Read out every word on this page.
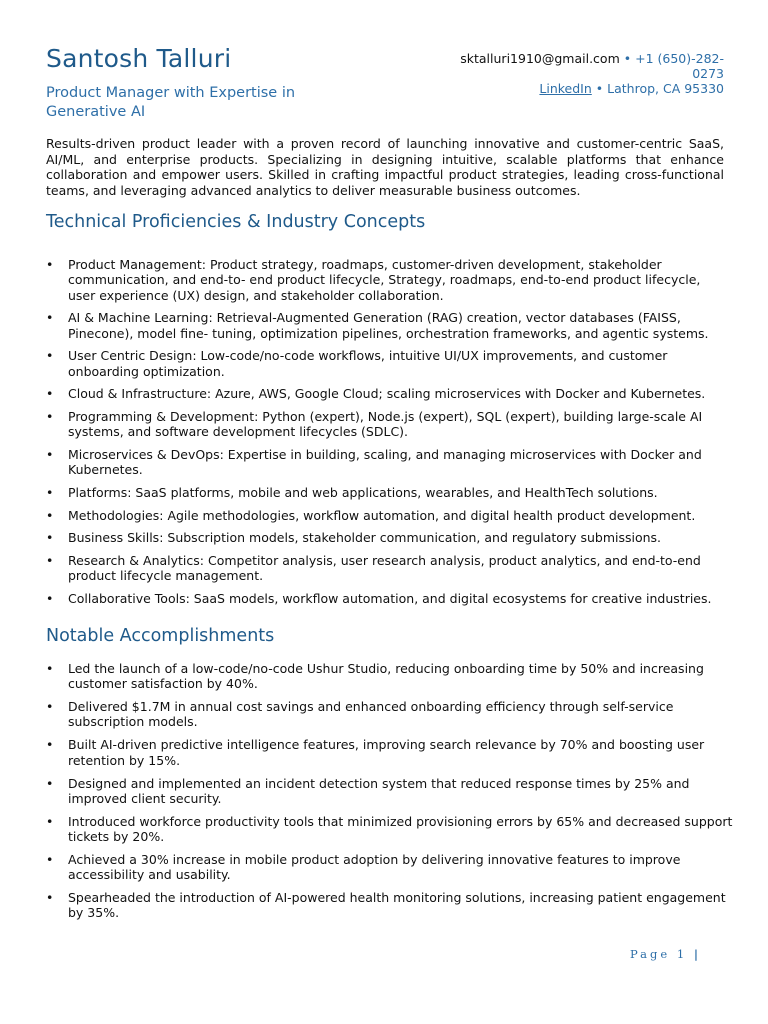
Santosh Talluri
Product Manager with Expertise in Generative AI
sktalluri1910@gmail.com • +1 (650)-282-0273
LinkedIn • Lathrop, CA 95330

Results-driven product leader with a proven record of launching innovative and customer-centric SaaS, AI/ML, and enterprise products. Specializing in designing intuitive, scalable platforms that enhance collaboration and empower users. Skilled in crafting impactful product strategies, leading cross-functional teams, and leveraging advanced analytics to deliver measurable business outcomes.

Technical Proficiencies & Industry Concepts
• Product Management: Product strategy, roadmaps, customer-driven development, stakeholder communication, and end-to- end product lifecycle, Strategy, roadmaps, end-to-end product lifecycle, user experience (UX) design, and stakeholder collaboration.
• AI & Machine Learning: Retrieval-Augmented Generation (RAG) creation, vector databases (FAISS, Pinecone), model fine- tuning, optimization pipelines, orchestration frameworks, and agentic systems.
• User Centric Design: Low-code/no-code workflows, intuitive UI/UX improvements, and customer onboarding optimization.
• Cloud & Infrastructure: Azure, AWS, Google Cloud; scaling microservices with Docker and Kubernetes.
• Programming & Development: Python (expert), Node.js (expert), SQL (expert), building large-scale AI systems, and software development lifecycles (SDLC).
• Microservices & DevOps: Expertise in building, scaling, and managing microservices with Docker and Kubernetes.
• Platforms: SaaS platforms, mobile and web applications, wearables, and HealthTech solutions.
• Methodologies: Agile methodologies, workflow automation, and digital health product development.
• Business Skills: Subscription models, stakeholder communication, and regulatory submissions.
• Research & Analytics: Competitor analysis, user research analysis, product analytics, and end-to-end product lifecycle management.
• Collaborative Tools: SaaS models, workflow automation, and digital ecosystems for creative industries.
Notable Accomplishments
• Led the launch of a low-code/no-code Ushur Studio, reducing onboarding time by 50% and increasing customer satisfaction by 40%.
• Delivered $1.7M in annual cost savings and enhanced onboarding efficiency through self-service subscription models.
• Built AI-driven predictive intelligence features, improving search relevance by 70% and boosting user retention by 15%.
• Designed and implemented an incident detection system that reduced response times by 25% and improved client security.
• Introduced workforce productivity tools that minimized provisioning errors by 65% and decreased support tickets by 20%.
• Achieved a 30% increase in mobile product adoption by delivering innovative features to improve accessibility and usability.
• Spearheaded the introduction of AI-powered health monitoring solutions, increasing patient engagement by 35%.
Page 1 |
